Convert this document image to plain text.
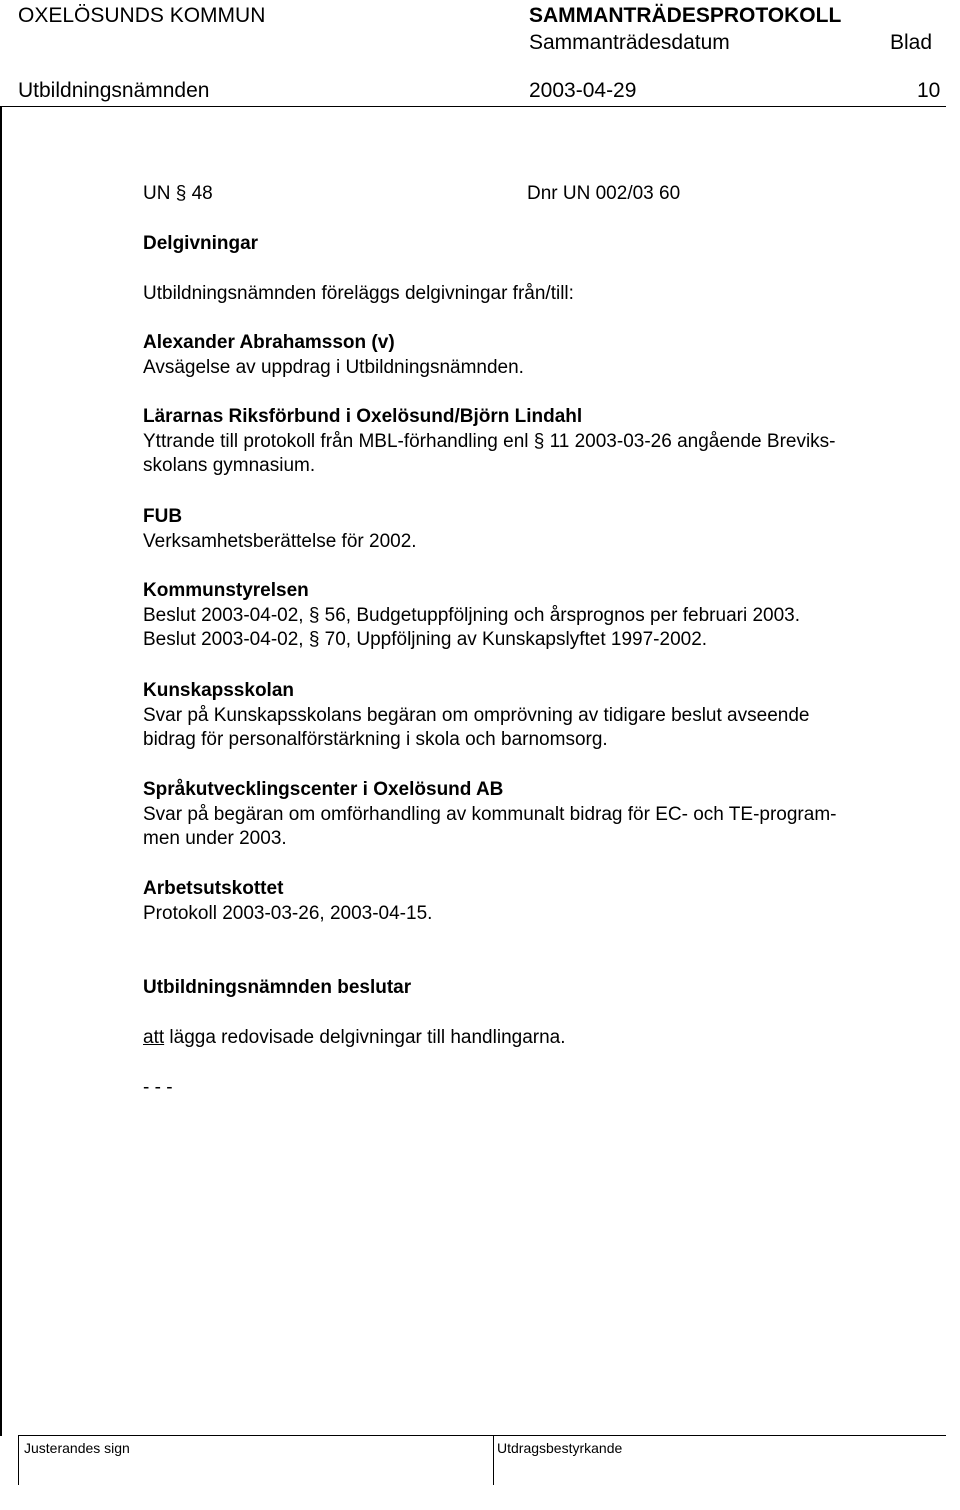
OXELÖSUNDS KOMMUN	SAMMANTRÄDESPROTOKOLL
Sammanträdesdatum	Blad
Utbildningsnämnden	2003-04-29	10
UN § 48	Dnr UN 002/03 60
Delgivningar
Utbildningsnämnden föreläggs delgivningar från/till:
Alexander Abrahamsson (v)
Avsägelse av uppdrag i Utbildningsnämnden.
Lärarnas Riksförbund i Oxelösund/Björn Lindahl
Yttrande till protokoll från MBL-förhandling enl § 11 2003-03-26 angående Breviks-
skolans gymnasium.
FUB
Verksamhetsberättelse för 2002.
Kommunstyrelsen
Beslut 2003-04-02, § 56, Budgetuppföljning och årsprognos per februari 2003.
Beslut 2003-04-02, § 70, Uppföljning av Kunskapslyftet 1997-2002.
Kunskapsskolan
Svar på Kunskapsskolans begäran om omprövning av tidigare beslut avseende
bidrag för personalförstärkning i skola och barnomsorg.
Språkutvecklingscenter i Oxelösund AB
Svar på begäran om omförhandling av kommunalt bidrag för EC- och TE-program-
men under 2003.
Arbetsutskottet
Protokoll 2003-03-26, 2003-04-15.
Utbildningsnämnden beslutar
att lägga redovisade delgivningar till handlingarna.
- - -
Justerandes sign	Utdragsbestyrkande
